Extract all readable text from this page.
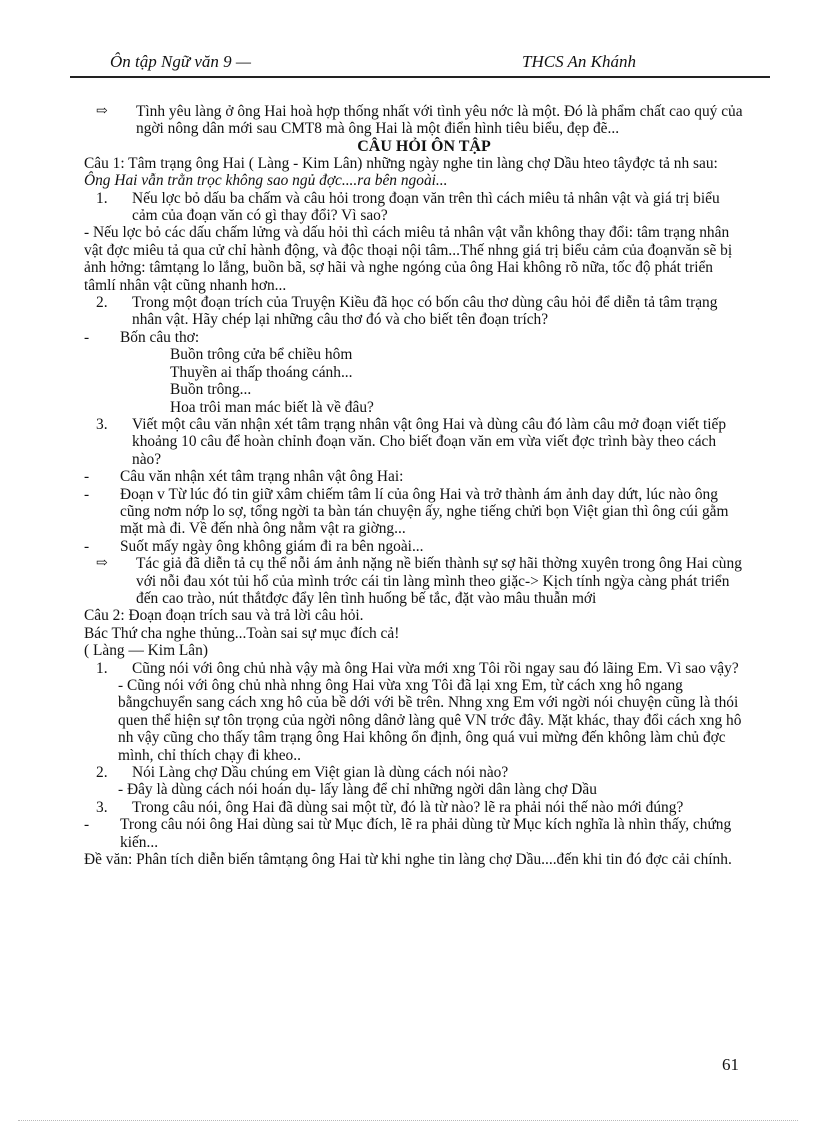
Ôn tập Ngữ văn 9 —	THCS An Khánh
⇨ Tình yêu làng ở ông Hai hoà hợp thống nhất với tình yêu nớc là một. Đó là phẩm chất cao quý của ngời nông dân mới sau CMT8 mà ông Hai là một điển hình tiêu biểu, đẹp đẽ...
CÂU HỎI ÔN TẬP
Câu 1: Tâm trạng ông Hai ( Làng - Kim Lân) những ngày nghe tin làng chợ Dầu hteo tâyđợc tả nh sau:
Ông Hai vẫn trằn trọc không sao ngủ đợc....ra bên ngoài...
1. Nếu lợc bỏ dấu ba chấm và câu hỏi trong đoạn văn trên thì cách miêu tả nhân vật và giá trị biểu cảm của đoạn văn có gì thay đổi? Vì sao?
- Nếu lợc bỏ các dấu chấm lửng và dấu hỏi thì cách miêu tả nhân vật vẫn không thay đổi: tâm trạng nhân vật đợc miêu tả qua cử chỉ hành động, và độc thoại nội tâm...Thế nhng giá trị biểu cảm của đoạnvăn sẽ bị ảnh hởng: tâmtạng lo lắng, buồn bã, sợ hãi và nghe ngóng của ông Hai không rõ nữa, tốc độ phát triển tâmlí nhân vật cũng nhanh hơn...
2. Trong một đoạn trích của Truyện Kiều đã học có bốn câu thơ dùng câu hỏi để diễn tả tâm trạng nhân vật. Hãy chép lại những câu thơ đó và cho biết tên đoạn trích?
- Bốn câu thơ:
Buồn trông cửa bể chiều hôm
Thuyền ai thấp thoáng cánh...
Buồn trông...
Hoa trôi man mác biết là về đâu?
3. Viết một câu văn nhận xét tâm trạng nhân vật ông Hai và dùng câu đó làm câu mở đoạn viết tiếp khoảng 10 câu để hoàn chỉnh đoạn văn. Cho biết đoạn văn em vừa viết đợc trình bày theo cách nào?
- Câu văn nhận xét tâm trạng nhân vật ông Hai:
- Đoạn v Từ lúc đó tin giữ xâm chiếm tâm lí của ông Hai và trở thành ám ảnh day dứt, lúc nào ông cũng nơm nớp lo sợ, tổng ngời ta bàn tán chuyện ấy, nghe tiếng chửi bọn Việt gian thì ông cúi gằm mặt mà đi. Về đến nhà ông nằm vật ra giờng...
- Suốt mấy ngày ông không giám đi ra bên ngoài...
⇨ Tác giả đã diễn tả cụ thể nỗi ám ảnh nặng nề biến thành sự sợ hãi thờng xuyên trong ông Hai cùng với nỗi đau xót tủi hổ của mình trớc cái tin làng mình theo giặc-> Kịch tính ngỳa càng phát triển đến cao trào, nút thắtđợc đẩy lên tình huống bế tắc, đặt vào mâu thuẫn mới
Câu 2: Đoạn đoạn trích sau và trả lời câu hỏi.
Bác Thứ cha nghe thủng...Toàn sai sự mục đích cả!
( Làng — Kim Lân)
1. Cũng nói với ông chủ nhà vậy mà ông Hai vừa mới xng Tôi rồi ngay sau đó lãing Em. Vì sao vậy?
- Cũng nói với ông chủ nhà nhng ông Hai vừa xng Tôi đã lại xng Em, từ cách xng hô ngang bằngchuyển sang cách xng hô của bề dới với bề trên. Nhng xng Em với ngời nói chuyện cũng là thói quen thể hiện sự tôn trọng của ngời nông dânở làng quê VN trớc đây. Mặt khác, thay đổi cách xng hô nh vậy cũng cho thấy tâm trạng ông Hai không ổn định, ông quá vui mừng đến không làm chủ đợc mình, chỉ thích chạy đi kheo..
2. Nói Làng chợ Dầu chúng em Việt gian là dùng cách nói nào?
- Đây là dùng cách nói hoán dụ- lấy làng để chỉ những ngời dân làng chợ Dầu
3. Trong câu nói, ông Hai đã dùng sai một từ, đó là từ nào? lẽ ra phải nói thế nào mới đúng?
- Trong câu nói ông Hai dùng sai từ Mục đích, lẽ ra phải dùng từ Mục kích nghĩa là nhìn thấy, chứng kiến...
Đề văn: Phân tích diễn biến tâmtạng ông Hai từ khi nghe tin làng chợ Dầu....đến khi tin đó đợc cải chính.
61
